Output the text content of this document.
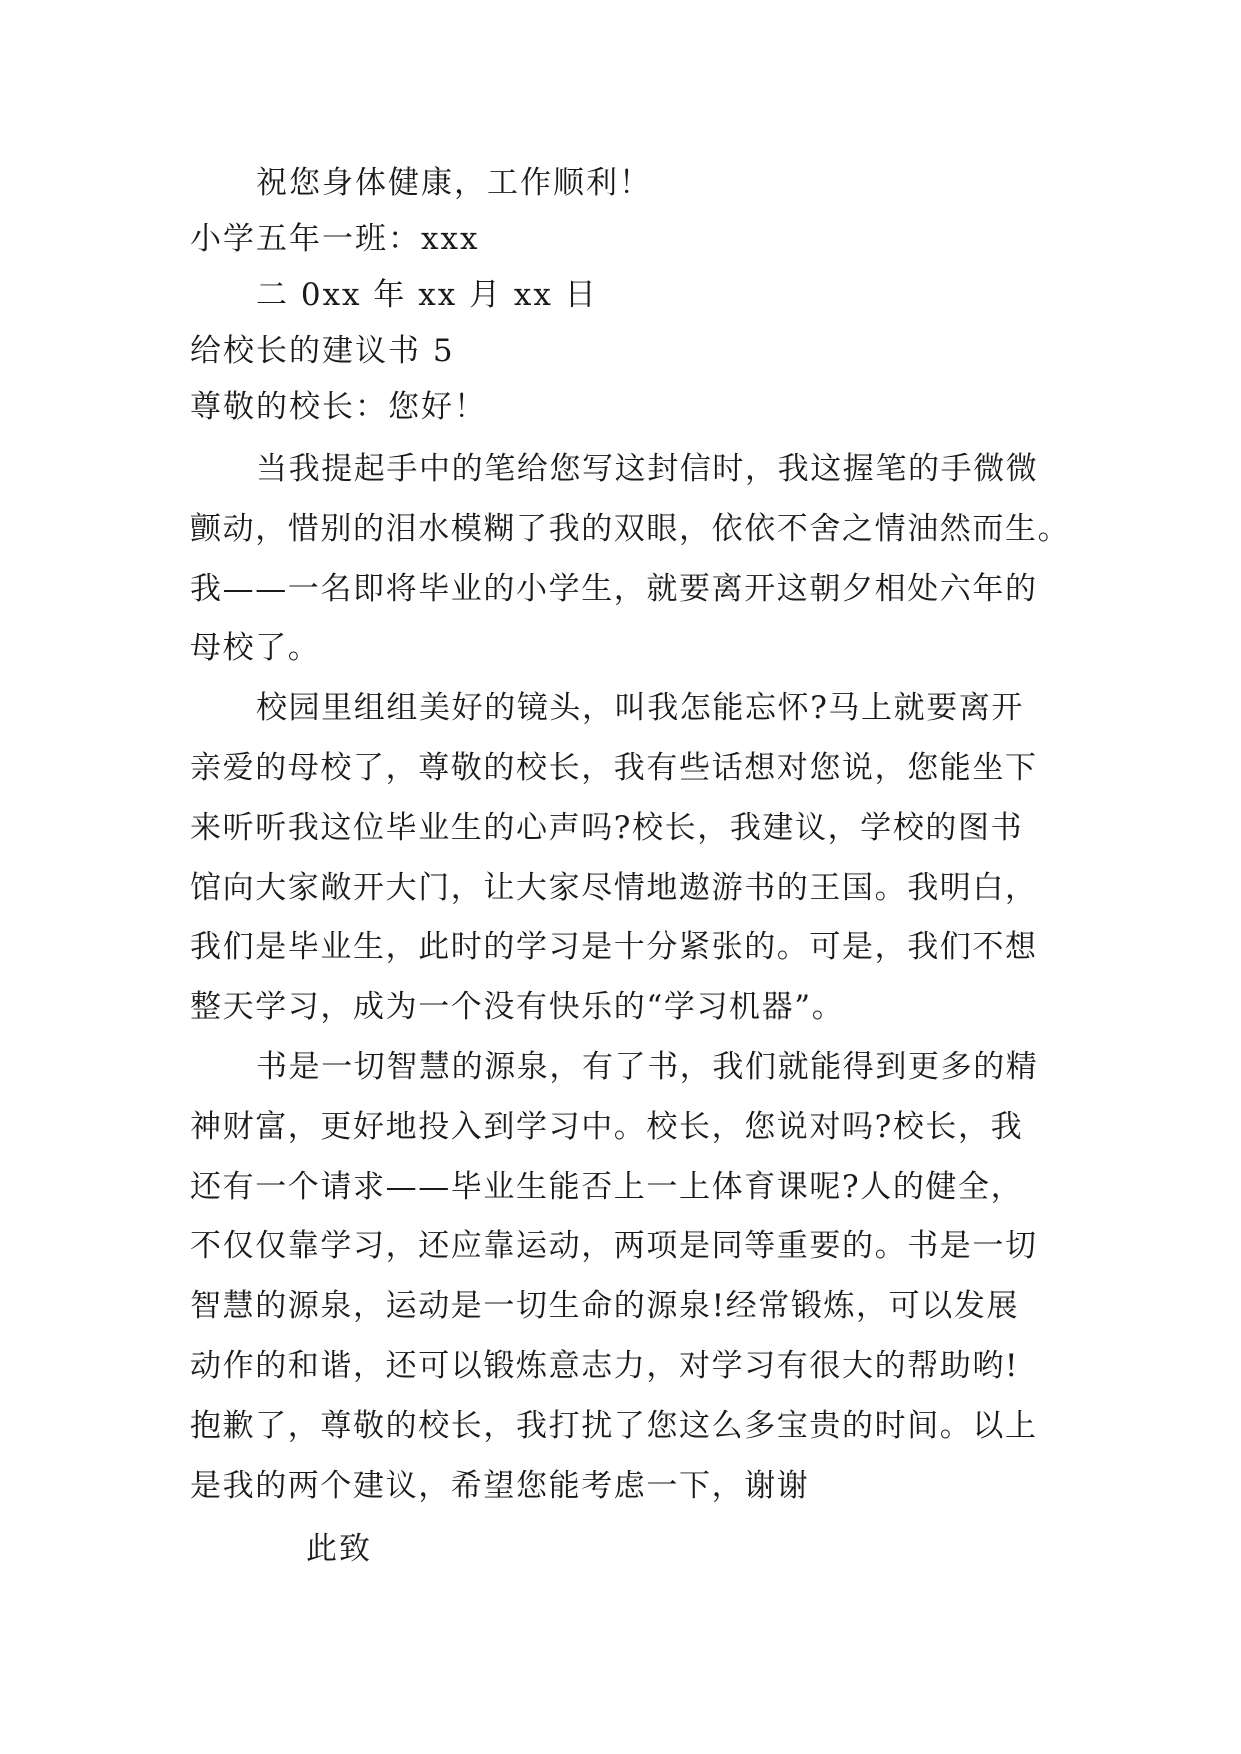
祝您身体健康，工作顺利！
小学五年一班：xxx
二 0xx 年 xx 月 xx 日
给校长的建议书 5
尊敬的校长：您好！

当我提起手中的笔给您写这封信时，我这握笔的手微微
颤动，惜别的泪水模糊了我的双眼，依依不舍之情油然而生。
我——一名即将毕业的小学生，就要离开这朝夕相处六年的
母校了。

校园里组组美好的镜头，叫我怎能忘怀?马上就要离开
亲爱的母校了，尊敬的校长，我有些话想对您说，您能坐下
来听听我这位毕业生的心声吗?校长，我建议，学校的图书
馆向大家敞开大门，让大家尽情地遨游书的王国。我明白，
我们是毕业生，此时的学习是十分紧张的。可是，我们不想
整天学习，成为一个没有快乐的“学习机器”。

书是一切智慧的源泉，有了书，我们就能得到更多的精
神财富，更好地投入到学习中。校长，您说对吗?校长，我
还有一个请求——毕业生能否上一上体育课呢?人的健全，
不仅仅靠学习，还应靠运动，两项是同等重要的。书是一切
智慧的源泉，运动是一切生命的源泉!经常锻炼，可以发展
动作的和谐，还可以锻炼意志力，对学习有很大的帮助哟!
抱歉了，尊敬的校长，我打扰了您这么多宝贵的时间。以上
是我的两个建议，希望您能考虑一下，谢谢

此致
